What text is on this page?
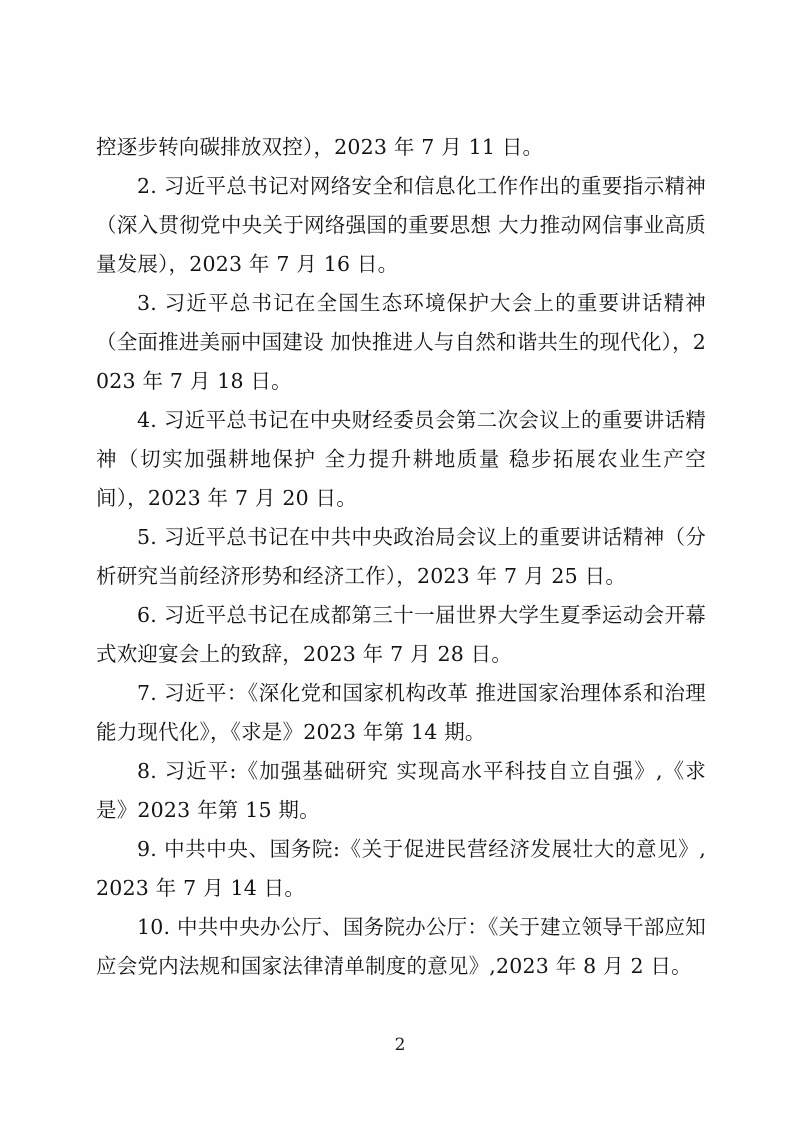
控逐步转向碳排放双控），2023 年 7 月 11 日。

2. 习近平总书记对网络安全和信息化工作作出的重要指示精神（深入贯彻党中央关于网络强国的重要思想 大力推动网信事业高质量发展），2023 年 7 月 16 日。

3. 习近平总书记在全国生态环境保护大会上的重要讲话精神（全面推进美丽中国建设 加快推进人与自然和谐共生的现代化），2023 年 7 月 18 日。

4. 习近平总书记在中央财经委员会第二次会议上的重要讲话精神（切实加强耕地保护 全力提升耕地质量 稳步拓展农业生产空间），2023 年 7 月 20 日。

5. 习近平总书记在中共中央政治局会议上的重要讲话精神（分析研究当前经济形势和经济工作），2023 年 7 月 25 日。

6. 习近平总书记在成都第三十一届世界大学生夏季运动会开幕式欢迎宴会上的致辞，2023 年 7 月 28 日。

7. 习近平：《深化党和国家机构改革 推进国家治理体系和治理能力现代化》，《求是》2023 年第 14 期。

8. 习近平:《加强基础研究 实现高水平科技自立自强》,《求是》2023 年第 15 期。

9. 中共中央、国务院:《关于促进民营经济发展壮大的意见》,2023 年 7 月 14 日。

10. 中共中央办公厅、国务院办公厅：《关于建立领导干部应知应会党内法规和国家法律清单制度的意见》,2023 年 8 月 2 日。

2
